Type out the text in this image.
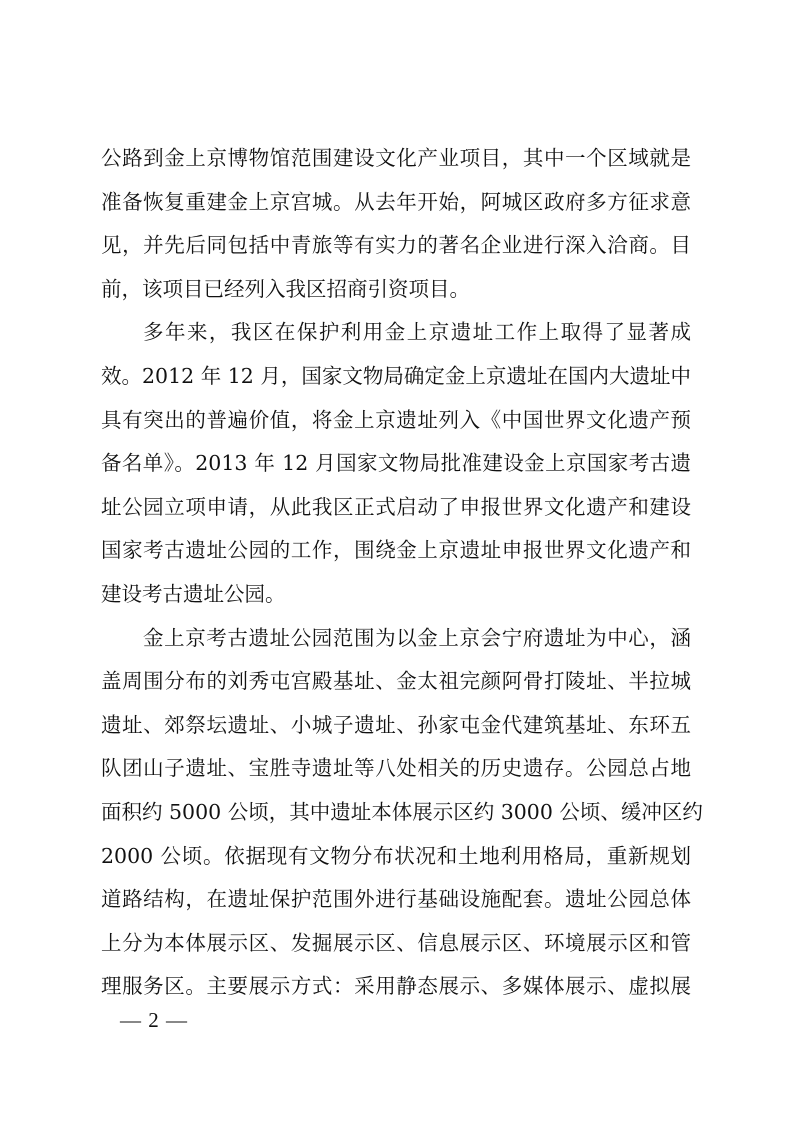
公路到金上京博物馆范围建设文化产业项目，其中一个区域就是
准备恢复重建金上京宫城。从去年开始，阿城区政府多方征求意
见，并先后同包括中青旅等有实力的著名企业进行深入洽商。目
前，该项目已经列入我区招商引资项目。
多年来，我区在保护利用金上京遗址工作上取得了显著成
效。2012 年 12 月，国家文物局确定金上京遗址在国内大遗址中
具有突出的普遍价值，将金上京遗址列入《中国世界文化遗产预
备名单》。2013 年 12 月国家文物局批准建设金上京国家考古遗
址公园立项申请，从此我区正式启动了申报世界文化遗产和建设
国家考古遗址公园的工作，围绕金上京遗址申报世界文化遗产和
建设考古遗址公园。
金上京考古遗址公园范围为以金上京会宁府遗址为中心，涵
盖周围分布的刘秀屯宫殿基址、金太祖完颜阿骨打陵址、半拉城
遗址、郊祭坛遗址、小城子遗址、孙家屯金代建筑基址、东环五
队团山子遗址、宝胜寺遗址等八处相关的历史遗存。公园总占地
面积约 5000 公顷，其中遗址本体展示区约 3000 公顷、缓冲区约
2000 公顷。依据现有文物分布状况和土地利用格局，重新规划
道路结构，在遗址保护范围外进行基础设施配套。遗址公园总体
上分为本体展示区、发掘展示区、信息展示区、环境展示区和管
理服务区。主要展示方式：采用静态展示、多媒体展示、虚拟展
— 2 —
